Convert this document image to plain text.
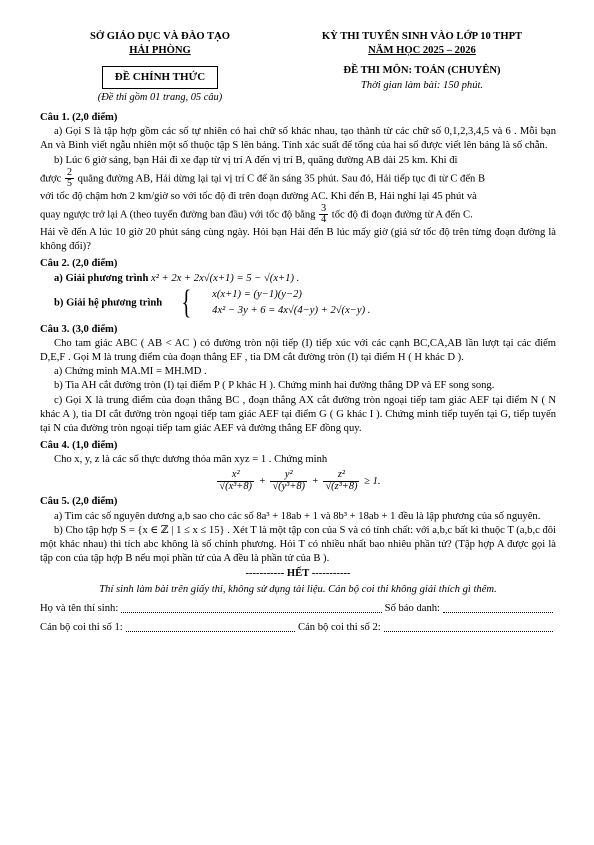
SỞ GIÁO DỤC VÀ ĐÀO TẠO
HẢI PHÒNG
ĐỀ CHÍNH THỨC
(Đề thi gồm 01 trang, 05 câu)
KỲ THI TUYỂN SINH VÀO LỚP 10 THPT
NĂM HỌC 2025 – 2026
ĐỀ THI MÔN: TOÁN (CHUYÊN)
Thời gian làm bài: 150 phút.
Câu 1. (2,0 điểm)
a) Gọi S là tập hợp gồm các số tự nhiên có hai chữ số khác nhau, tạo thành từ các chữ số 0,1,2,3,4,5 và 6 . Mỗi bạn An và Bình viết ngẫu nhiên một số thuộc tập S lên bảng. Tính xác suất để tổng của hai số được viết lên bảng là số chẵn.
b) Lúc 6 giờ sáng, bạn Hải đi xe đạp từ vị trí A đến vị trí B, quãng đường AB dài 25 km. Khi đi
được $\frac{2}{5}$ quãng đường AB, Hải dừng lại tại vị trí C để ăn sáng 35 phút. Sau đó, Hải tiếp tục đi từ C đến B
với tốc độ chậm hơn 2 km/giờ so với tốc độ đi trên đoạn đường AC. Khi đến B, Hải nghỉ lại 45 phút và
quay ngược trở lại A (theo tuyến đường ban đầu) với tốc độ bằng $\frac{3}{4}$ tốc độ đi đoạn đường từ A đến C.
Hải về đến A lúc 10 giờ 20 phút sáng cùng ngày. Hỏi bạn Hải đến B lúc mấy giờ (giả sử tốc độ trên từng đoạn đường là không đổi)?
Câu 2. (2,0 điểm)
a) Giải phương trình x² + 2x + 2x√(x+1) = 5 − √(x+1) .
b) Giải hệ phương trình {	x(x+1) = (y−1)(y−2)
4x² − 3y + 6 = 4x√(4−y) + 2√(x−y) .
Câu 3. (3,0 điểm)
Cho tam giác ABC ( AB < AC ) có đường tròn nội tiếp (I) tiếp xúc với các cạnh BC,CA,AB lần lượt tại các điểm D,E,F . Gọi M là trung điểm của đoạn thẳng EF , tia DM cắt đường tròn (I) tại điểm H ( H khác D ).
a) Chứng minh MA.MI = MH.MD .
b) Tia AH cắt đường tròn (I) tại điểm P ( P khác H ). Chứng minh hai đường thẳng DP và EF song song.
c) Gọi X là trung điểm của đoạn thẳng BC , đoạn thẳng AX cắt đường tròn ngoại tiếp tam giác AEF tại điểm N ( N khác A ), tia DI cắt đường tròn ngoại tiếp tam giác AEF tại điểm G ( G khác I ). Chứng minh tiếp tuyến tại G, tiếp tuyến tại N của đường tròn ngoại tiếp tam giác AEF và đường thẳng EF đồng quy.
Câu 4. (1,0 điểm)
Cho x, y, z là các số thực dương thỏa mãn xyz = 1 . Chứng minh
$\frac{\text{x²}}{\text{√(x³+8)}} + \frac{\text{y²}}{\text{√(y³+8)}} + \frac{\text{z²}}{\text{√(z³+8)}} \ge 1$.
Câu 5. (2,0 điểm)
a) Tìm các số nguyên dương a,b sao cho các số 8a³ + 18ab + 1 và 8b³ + 18ab + 1 đều là lập phương của số nguyên.
b) Cho tập hợp S = {x ∈ ℤ | 1 ≤ x ≤ 15} . Xét T là một tập con của S và có tính chất: với a,b,c bất kì thuộc T (a,b,c đôi một khác nhau) thì tích abc không là số chính phương. Hỏi T có nhiều nhất bao nhiêu phần tử? (Tập hợp A được gọi là tập con của tập hợp B nếu mọi phần tử của A đều là phần tử của B ).
----------- HẾT -----------
Thí sinh làm bài trên giấy thi, không sử dụng tài liệu. Cán bộ coi thi không giải thích gì thêm.
Họ và tên thí sinh:	Số báo danh:
Cán bộ coi thi số 1:	Cán bộ coi thi số 2:
